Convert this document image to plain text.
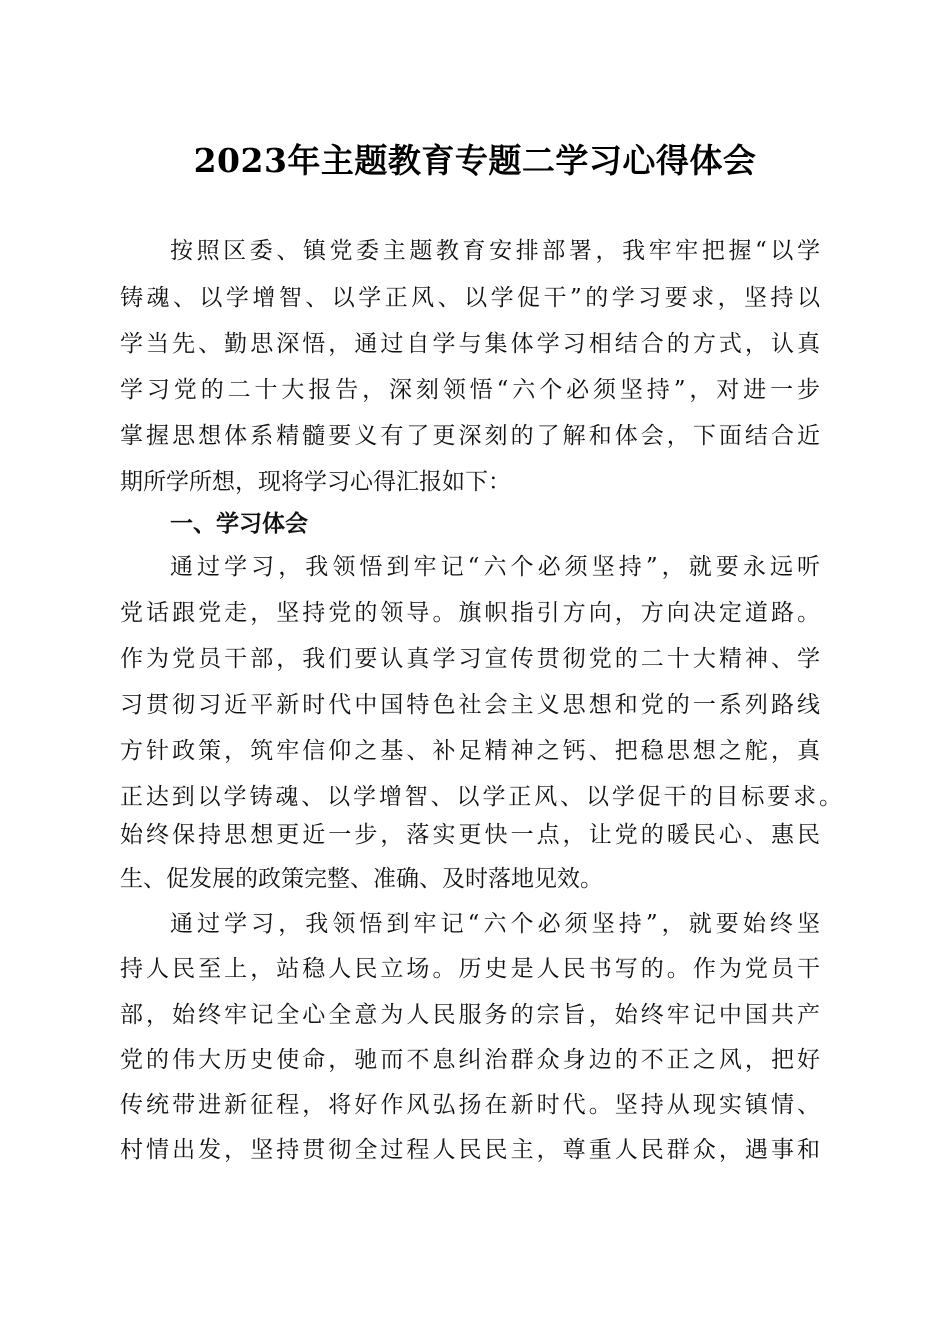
2023年主题教育专题二学习心得体会
按照区委、镇党委主题教育安排部署，我牢牢把握“以学
铸魂、以学增智、以学正风、以学促干”的学习要求，坚持以
学当先、勤思深悟，通过自学与集体学习相结合的方式，认真
学习党的二十大报告，深刻领悟“六个必须坚持”，对进一步
掌握思想体系精髓要义有了更深刻的了解和体会，下面结合近
期所学所想，现将学习心得汇报如下：
一、学习体会
通过学习，我领悟到牢记“六个必须坚持”，就要永远听
党话跟党走，坚持党的领导。旗帜指引方向，方向决定道路。
作为党员干部，我们要认真学习宣传贯彻党的二十大精神、学
习贯彻习近平新时代中国特色社会主义思想和党的一系列路线
方针政策，筑牢信仰之基、补足精神之钙、把稳思想之舵，真
正达到以学铸魂、以学增智、以学正风、以学促干的目标要求。
始终保持思想更近一步，落实更快一点，让党的暖民心、惠民
生、促发展的政策完整、准确、及时落地见效。
通过学习，我领悟到牢记“六个必须坚持”，就要始终坚
持人民至上，站稳人民立场。历史是人民书写的。作为党员干
部，始终牢记全心全意为人民服务的宗旨，始终牢记中国共产
党的伟大历史使命，驰而不息纠治群众身边的不正之风，把好
传统带进新征程，将好作风弘扬在新时代。坚持从现实镇情、
村情出发，坚持贯彻全过程人民民主，尊重人民群众，遇事和
